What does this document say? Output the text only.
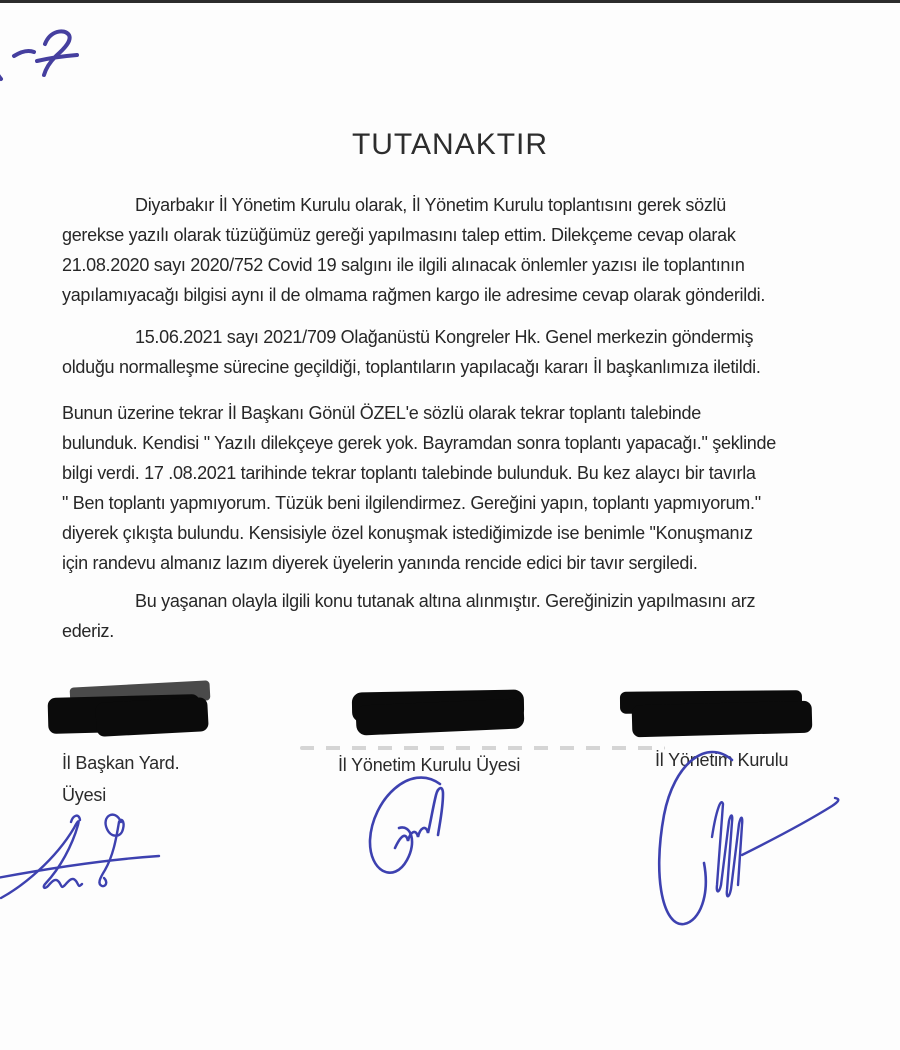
TUTANAKTIR
Diyarbakır İl Yönetim Kurulu olarak, İl Yönetim Kurulu toplantısını gerek sözlü
gerekse yazılı olarak tüzüğümüz gereği yapılmasını talep ettim. Dilekçeme cevap olarak
21.08.2020 sayı 2020/752 Covid 19 salgını ile ilgili alınacak önlemler yazısı ile toplantının
yapılamıyacağı bilgisi aynı il de olmama rağmen kargo ile adresime cevap olarak gönderildi.
15.06.2021 sayı 2021/709 Olağanüstü Kongreler Hk. Genel merkezin göndermiş
olduğu normalleşme sürecine geçildiği, toplantıların yapılacağı kararı İl başkanlımıza iletildi.
Bunun üzerine tekrar İl Başkanı Gönül ÖZEL'e sözlü olarak tekrar toplantı talebinde
bulunduk. Kendisi " Yazılı dilekçeye gerek yok. Bayramdan sonra toplantı yapacağı." şeklinde
bilgi verdi. 17 .08.2021 tarihinde tekrar toplantı talebinde bulunduk. Bu kez alaycı bir tavırla
" Ben toplantı yapmıyorum. Tüzük beni ilgilendirmez. Gereğini yapın, toplantı yapmıyorum."
diyerek çıkışta bulundu. Kensisiyle özel konuşmak istediğimizde ise benimle "Konuşmanız
için randevu almanız lazım diyerek üyelerin yanında rencide edici bir tavır sergiledi.
Bu yaşanan olayla ilgili konu tutanak altına alınmıştır. Gereğinizin yapılmasını arz
ederiz.
İl Başkan Yard.
Üyesi
İl Yönetim Kurulu Üyesi	İl Yönetim Kurulu
